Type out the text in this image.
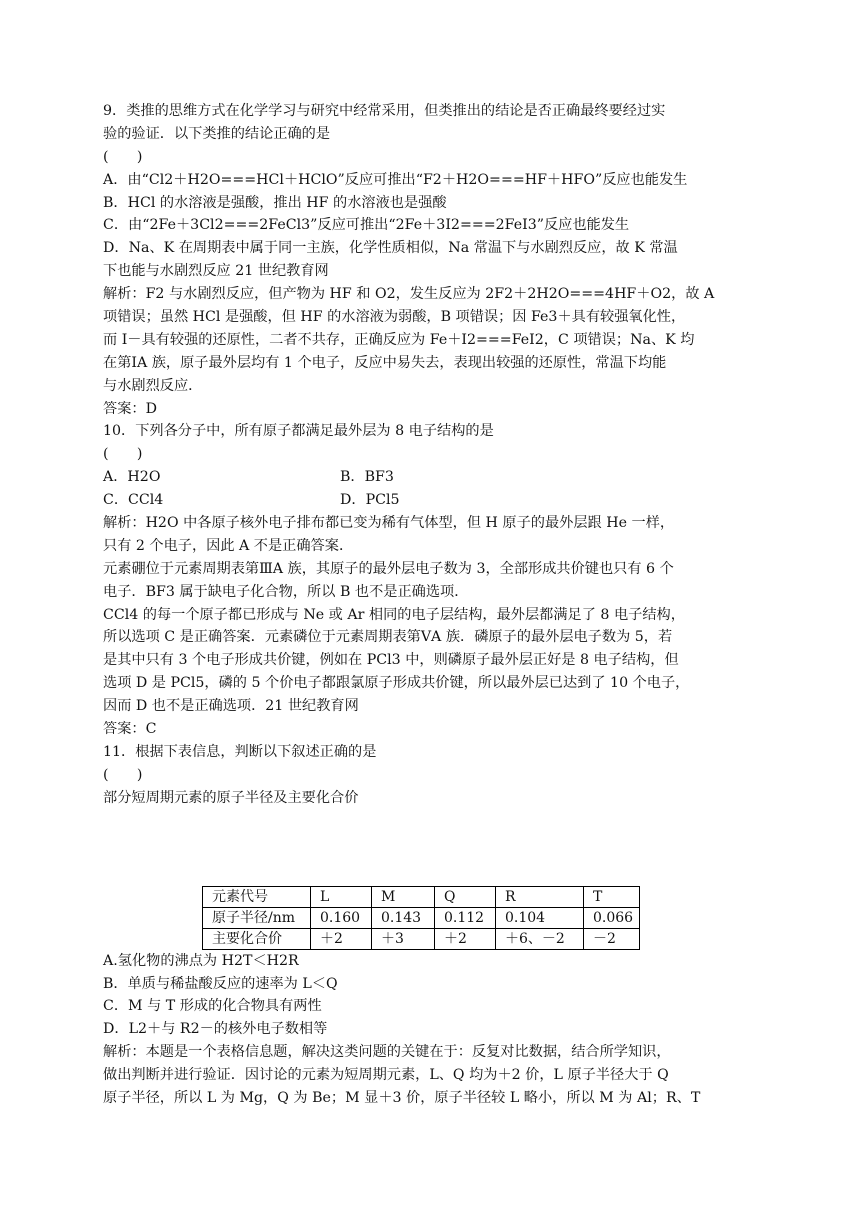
9．类推的思维方式在化学学习与研究中经常采用，但类推出的结论是否正确最终要经过实
验的验证．以下类推的结论正确的是
(　　)
A．由“Cl2＋H2O===HCl＋HClO”反应可推出“F2＋H2O===HF＋HFO”反应也能发生
B．HCl 的水溶液是强酸，推出 HF 的水溶液也是强酸
C．由“2Fe＋3Cl2===2FeCl3”反应可推出“2Fe＋3I2===2FeI3”反应也能发生
D．Na、K 在周期表中属于同一主族，化学性质相似，Na 常温下与水剧烈反应，故 K 常温
下也能与水剧烈反应 21 世纪教育网
解析：F2 与水剧烈反应，但产物为 HF 和 O2，发生反应为 2F2＋2H2O===4HF＋O2，故 A
项错误；虽然 HCl 是强酸，但 HF 的水溶液为弱酸，B 项错误；因 Fe3＋具有较强氧化性，
而 I－具有较强的还原性，二者不共存，正确反应为 Fe＋I2===FeI2，C 项错误；Na、K 均
在第ⅠA 族，原子最外层均有 1 个电子，反应中易失去，表现出较强的还原性，常温下均能
与水剧烈反应．
答案：D
10．下列各分子中，所有原子都满足最外层为 8 电子结构的是
(　　)
A．H2O	B．BF3
C．CCl4	D．PCl5
解析：H2O 中各原子核外电子排布都已变为稀有气体型，但 H 原子的最外层跟 He 一样，
只有 2 个电子，因此 A 不是正确答案．
元素硼位于元素周期表第ⅢA 族，其原子的最外层电子数为 3，全部形成共价键也只有 6 个
电子．BF3 属于缺电子化合物，所以 B 也不是正确选项．
CCl4 的每一个原子都已形成与 Ne 或 Ar 相同的电子层结构，最外层都满足了 8 电子结构，
所以选项 C 是正确答案．元素磷位于元素周期表第ⅤA 族．磷原子的最外层电子数为 5，若
是其中只有 3 个电子形成共价键，例如在 PCl3 中，则磷原子最外层正好是 8 电子结构，但
选项 D 是 PCl5，磷的 5 个价电子都跟氯原子形成共价键，所以最外层已达到了 10 个电子，
因而 D 也不是正确选项．21 世纪教育网
答案：C
11．根据下表信息，判断以下叙述正确的是
(　　)
部分短周期元素的原子半径及主要化合价
元素代号	L	M	Q	R	T
原子半径/nm	0.160	0.143	0.112	0.104	0.066
主要化合价	＋2	＋3	＋2	＋6、－2	－2
A.氢化物的沸点为 H2T＜H2R
B．单质与稀盐酸反应的速率为 L＜Q
C．M 与 T 形成的化合物具有两性
D．L2＋与 R2－的核外电子数相等
解析：本题是一个表格信息题，解决这类问题的关键在于：反复对比数据，结合所学知识，
做出判断并进行验证．因讨论的元素为短周期元素，L、Q 均为＋2 价，L 原子半径大于 Q
原子半径，所以 L 为 Mg，Q 为 Be；M 显＋3 价，原子半径较 L 略小，所以 M 为 Al；R、T
